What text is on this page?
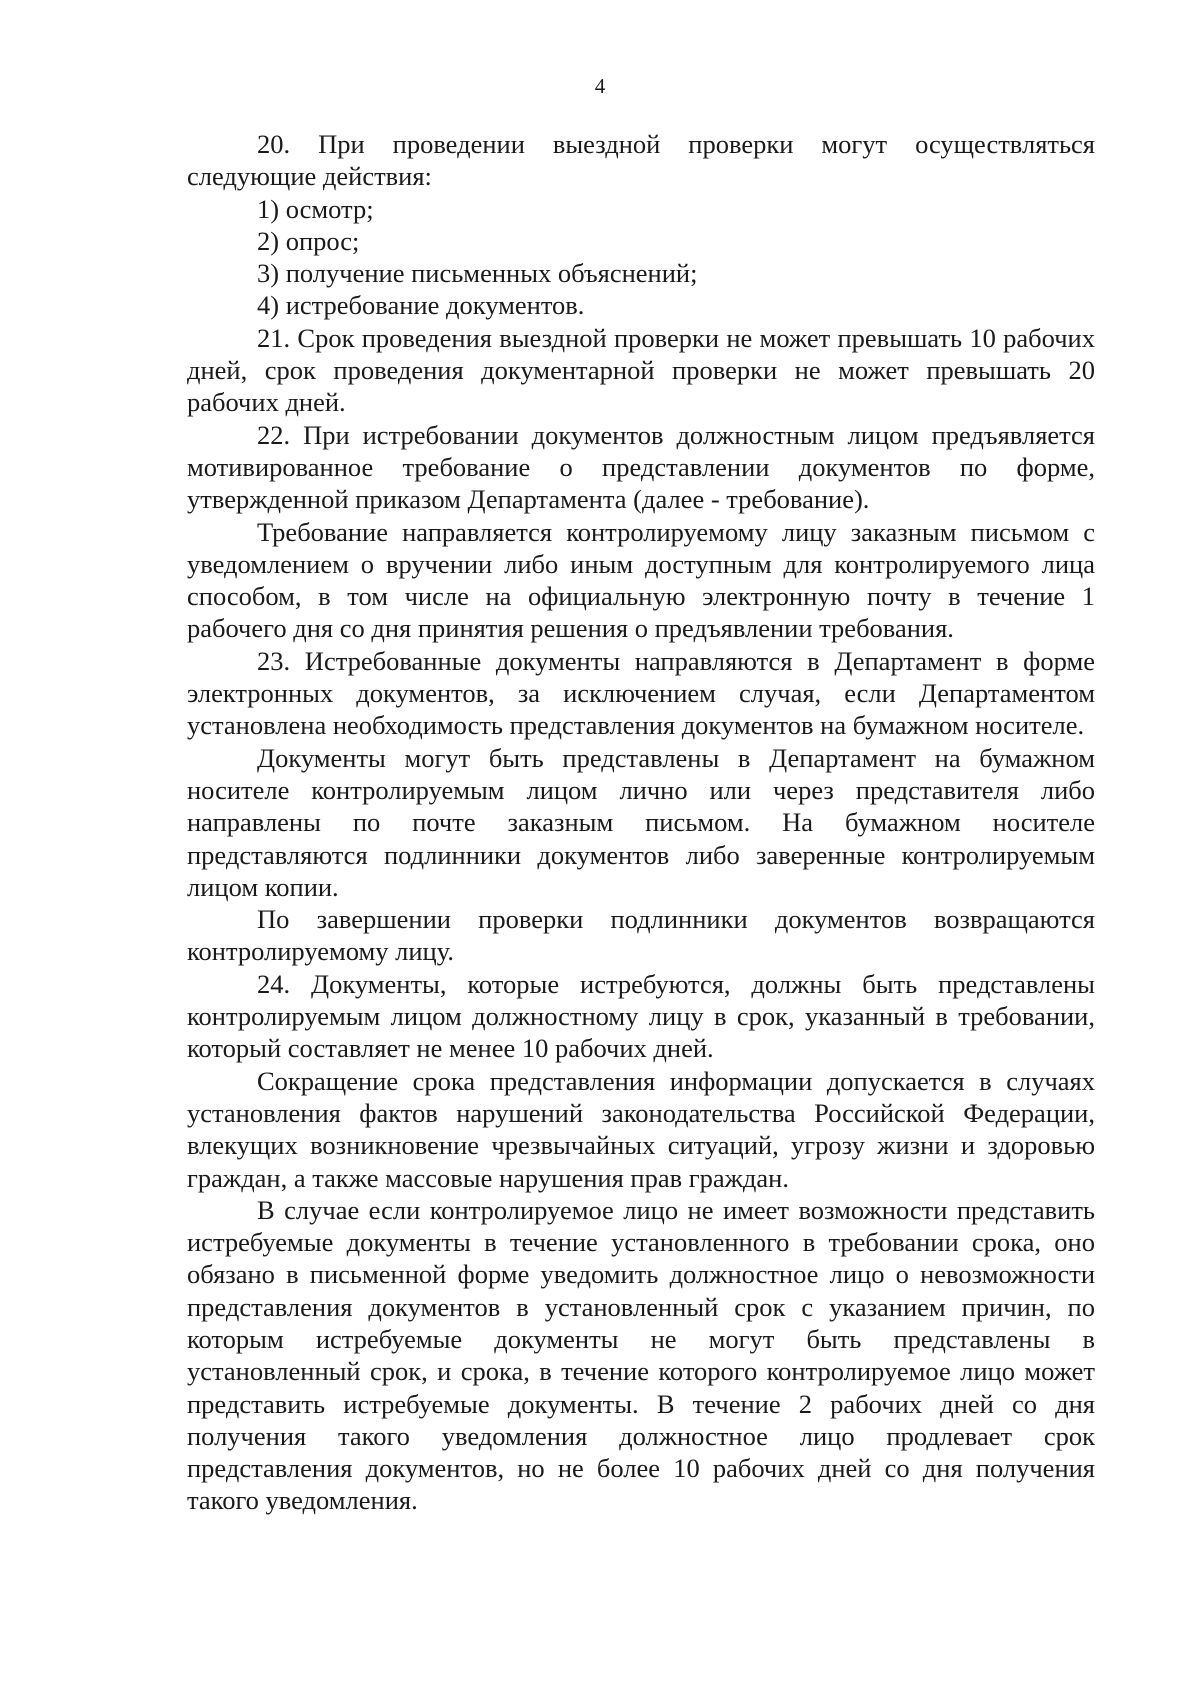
4

20. При проведении выездной проверки могут осуществляться следующие действия:

1) осмотр;

2) опрос;

3) получение письменных объяснений;

4) истребование документов.

21. Срок проведения выездной проверки не может превышать 10 рабочих дней, срок проведения документарной проверки не может превышать 20 рабочих дней.

22. При истребовании документов должностным лицом предъявляется мотивированное требование о представлении документов по форме, утвержденной приказом Департамента (далее - требование).

Требование направляется контролируемому лицу заказным письмом с уведомлением о вручении либо иным доступным для контролируемого лица способом, в том числе на официальную электронную почту в течение 1 рабочего дня со дня принятия решения о предъявлении требования.

23. Истребованные документы направляются в Департамент в форме электронных документов, за исключением случая, если Департаментом установлена необходимость представления документов на бумажном носителе.

Документы могут быть представлены в Департамент на бумажном носителе контролируемым лицом лично или через представителя либо направлены по почте заказным письмом. На бумажном носителе представляются подлинники документов либо заверенные контролируемым лицом копии.

По завершении проверки подлинники документов возвращаются контролируемому лицу.

24. Документы, которые истребуются, должны быть представлены контролируемым лицом должностному лицу в срок, указанный в требовании, который составляет не менее 10 рабочих дней.

Сокращение срока представления информации допускается в случаях установления фактов нарушений законодательства Российской Федерации, влекущих возникновение чрезвычайных ситуаций, угрозу жизни и здоровью граждан, а также массовые нарушения прав граждан.

В случае если контролируемое лицо не имеет возможности представить истребуемые документы в течение установленного в требовании срока, оно обязано в письменной форме уведомить должностное лицо о невозможности представления документов в установленный срок с указанием причин, по которым истребуемые документы не могут быть представлены в установленный срок, и срока, в течение которого контролируемое лицо может представить истребуемые документы. В течение 2 рабочих дней со дня получения такого уведомления должностное лицо продлевает срок представления документов, но не более 10 рабочих дней со дня получения такого уведомления.
